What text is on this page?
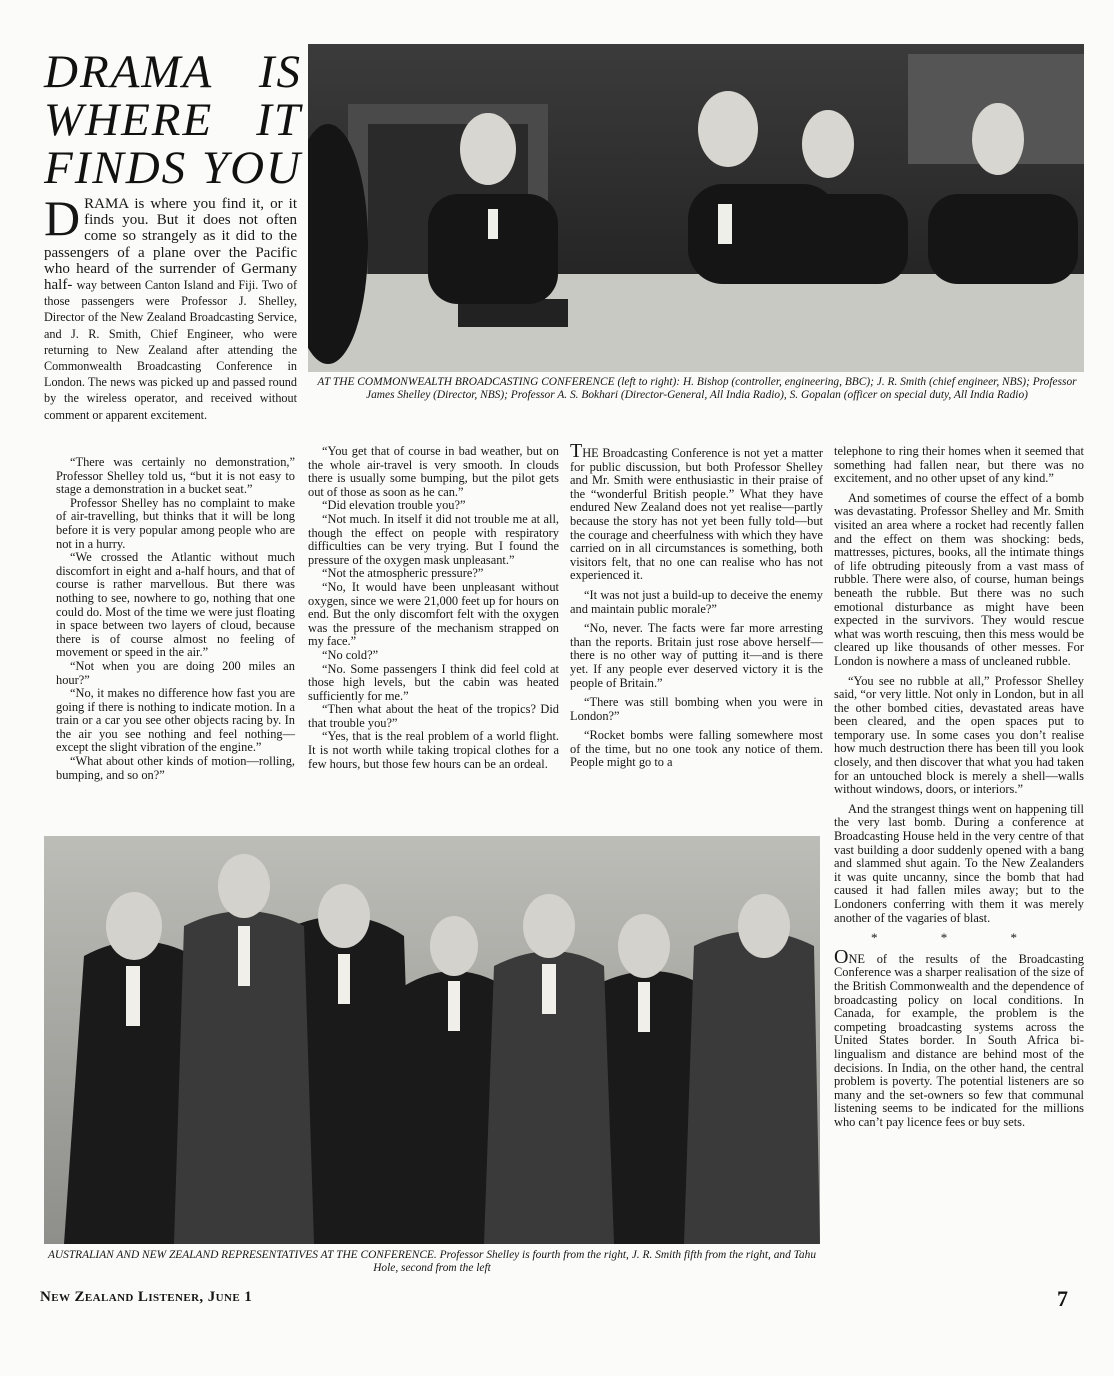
DRAMA IS
WHERE IT
FINDS YOU
AT THE COMMONWEALTH BROADCASTING CONFERENCE (left to right): H. Bishop (controller, engineering, BBC); J. R. Smith (chief engineer, NBS); Professor James Shelley (Director, NBS); Professor A. S. Bokhari (Director-General, All India Radio), S. Gopalan (officer on special duty, All India Radio)
D RAMA is where you find it, or it finds you. But it does not often come so strangely as it did to the passengers of a plane over the Pacific who heard of the surrender of Germany half- way between Canton Island and Fiji. Two of those passengers were Professor J. Shelley, Director of the New Zealand Broadcasting Service, and J. R. Smith, Chief Engineer, who were returning to New Zealand after attending the Commonwealth Broadcasting Conference in London. The news was picked up and passed round by the wireless operator, and received without comment or apparent excitement.

“There was certainly no demonstration,” Professor Shelley told us, “but it is not easy to stage a demonstration in a bucket seat.”

Professor Shelley has no complaint to make of air-travelling, but thinks that it will be long before it is very popular among people who are not in a hurry.

“We crossed the Atlantic without much discomfort in eight and a-half hours, and that of course is rather marvellous. But there was nothing to see, nowhere to go, nothing that one could do. Most of the time we were just floating in space between two layers of cloud, because there is of course almost no feeling of movement or speed in the air.”

“Not when you are doing 200 miles an hour?”

“No, it makes no difference how fast you are going if there is nothing to indicate motion. In a train or a car you see other objects racing by. In the air you see nothing and feel nothing—except the slight vibration of the engine.”

“What about other kinds of motion—rolling, bumping, and so on?”

“You get that of course in bad weather, but on the whole air-travel is very smooth. In clouds there is usually some bumping, but the pilot gets out of those as soon as he can.”

“Did elevation trouble you?”

“Not much. In itself it did not trouble me at all, though the effect on people with respiratory difficulties can be very trying. But I found the pressure of the oxygen mask unpleasant.”

“Not the atmospheric pressure?”

“No, It would have been unpleasant without oxygen, since we were 21,000 feet up for hours on end. But the only discomfort felt with the oxygen was the pressure of the mechanism strapped on my face.”

“No cold?”

“No. Some passengers I think did feel cold at those high levels, but the cabin was heated sufficiently for me.”

“Then what about the heat of the tropics? Did that trouble you?”

“Yes, that is the real problem of a world flight. It is not worth while taking tropical clothes for a few hours, but those few hours can be an ordeal.

THE Broadcasting Conference is not yet a matter for public discussion, but both Professor Shelley and Mr. Smith were enthusiastic in their praise of the “wonderful British people.” What they have endured New Zealand does not yet realise—partly because the story has not yet been fully told—but the courage and cheerfulness with which they have carried on in all circumstances is something, both visitors felt, that no one can realise who has not experienced it.

“It was not just a build-up to deceive the enemy and maintain public morale?”

“No, never. The facts were far more arresting than the reports. Britain just rose above herself—there is no other way of putting it—and is there yet. If any people ever deserved victory it is the people of Britain.”

“There was still bombing when you were in London?”

“Rocket bombs were falling somewhere most of the time, but no one took any notice of them. People might go to a

telephone to ring their homes when it seemed that something had fallen near, but there was no excitement, and no other upset of any kind.”

And sometimes of course the effect of a bomb was devastating. Professor Shelley and Mr. Smith visited an area where a rocket had recently fallen and the effect on them was shocking: beds, mattresses, pictures, books, all the intimate things of life obtruding piteously from a vast mass of rubble. There were also, of course, human beings beneath the rubble. But there was no such emotional disturbance as might have been expected in the survivors. They would rescue what was worth rescuing, then this mess would be cleared up like thousands of other messes. For London is nowhere a mass of uncleaned rubble.

“You see no rubble at all,” Professor Shelley said, “or very little. Not only in London, but in all the other bombed cities, devastated areas have been cleared, and the open spaces put to temporary use. In some cases you don’t realise how much destruction there has been till you look closely, and then discover that what you had taken for an untouched block is merely a shell—walls without windows, doors, or interiors.”

And the strangest things went on happening till the very last bomb. During a conference at Broadcasting House held in the very centre of that vast building a door suddenly opened with a bang and slammed shut again. To the New Zealanders it was quite uncanny, since the bomb that had caused it had fallen miles away; but to the Londoners conferring with them it was merely another of the vagaries of blast.

* * *

ONE of the results of the Broadcasting Conference was a sharper realisation of the size of the British Commonwealth and the dependence of broadcasting policy on local conditions. In Canada, for example, the problem is the competing broadcasting systems across the United States border. In South Africa bi-lingualism and distance are behind most of the decisions. In India, on the other hand, the central problem is poverty. The potential listeners are so many and the set-owners so few that communal listening seems to be indicated for the millions who can’t pay licence fees or buy sets.

AUSTRALIAN AND NEW ZEALAND REPRESENTATIVES AT THE CONFERENCE. Professor Shelley is fourth from the right, J. R. Smith fifth from the right, and Tahu Hole, second from the left
New Zealand Listener, June 1	7
